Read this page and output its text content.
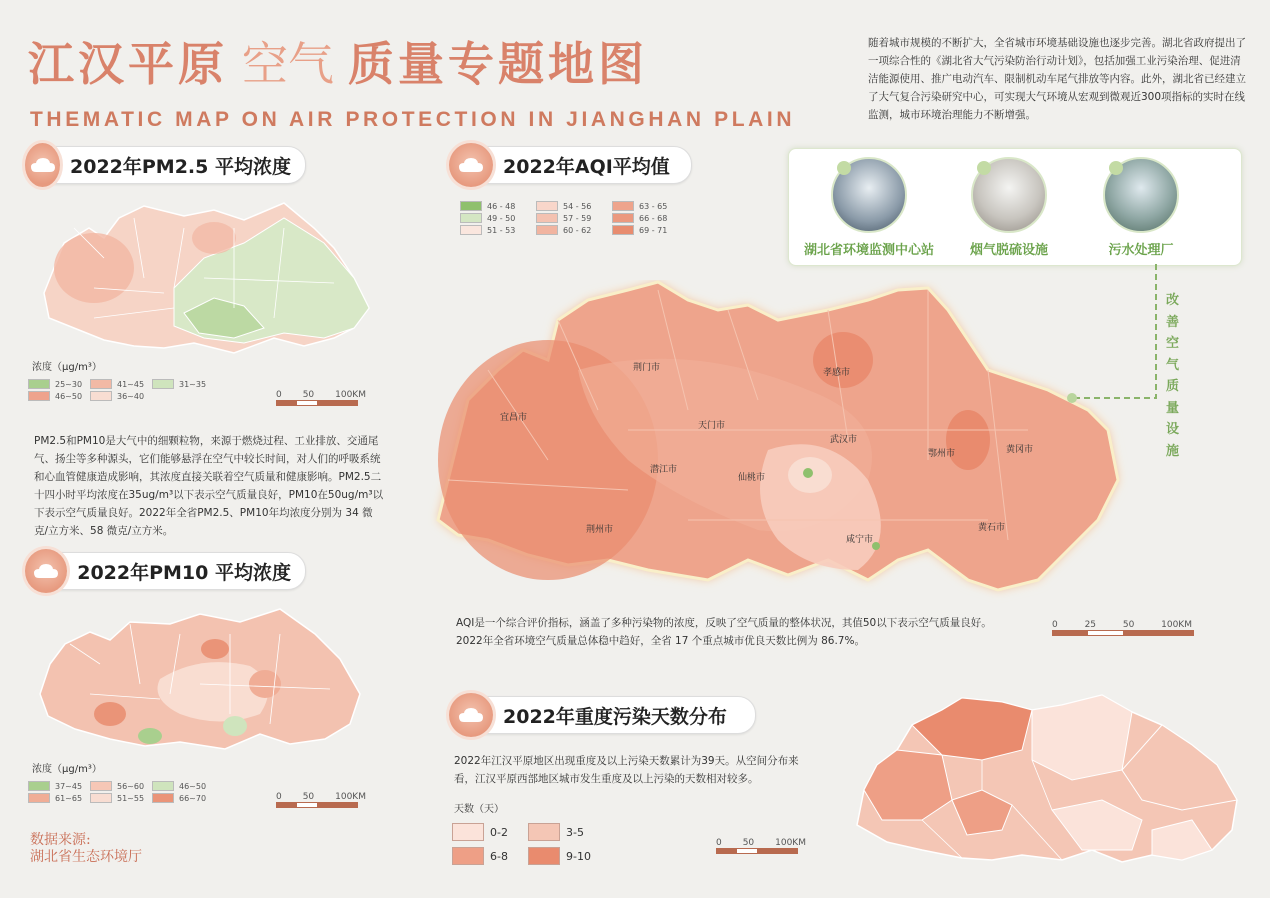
江汉平原 空气 质量专题地图
THEMATIC MAP ON AIR PROTECTION IN JIANGHAN PLAIN
随着城市规模的不断扩大，全省城市环境基础设施也逐步完善。湖北省政府提出了一项综合性的《湖北省大气污染防治行动计划》，包括加强工业污染治理、促进清洁能源使用、推广电动汽车、限制机动车尾气排放等内容。此外，湖北省已经建立了大气复合污染研究中心，可实现大气环境从宏观到微观近300项指标的实时在线监测，城市环境治理能力不断增强。
2022年PM2.5 平均浓度
浓度（μg/m³）
25~30	41~45	31~35
46~50	36~40	0 50 100KM
PM2.5和PM10是大气中的细颗粒物，来源于燃烧过程、工业排放、交通尾气、扬尘等多种源头，它们能够悬浮在空气中较长时间，对人们的呼吸系统和心血管健康造成影响，其浓度直接关联着空气质量和健康影响。PM2.5二十四小时平均浓度在35ug/m³以下表示空气质量良好，PM10在50ug/m³以下表示空气质量良好。2022年全省PM2.5、PM10年均浓度分别为 34 微克/立方米、58 微克/立方米。
2022年PM10 平均浓度
浓度（μg/m³）
37~45	56~60	46~50
61~65	51~55	66~70	0 50 100KM
数据来源:
湖北省生态环境厅
2022年AQI平均值
46 - 48	54 - 56	63 - 65
49 - 50	57 - 59	66 - 68
51 - 53	60 - 62	69 - 71
宜昌市
荆门市	孝感市
天门市
武汉市
鄂州市	黄冈市
潜江市
仙桃市
荆州市
咸宁市
黄石市
AQI是一个综合评价指标，涵盖了多种污染物的浓度，反映了空气质量的整体状况，其值50以下表示空气质量良好。2022年全省环境空气质量总体稳中趋好，全省 17 个重点城市优良天数比例为 86.7%。
0	25	50	100KM
湖北省环境监测中心站	烟气脱硫设施	污水处理厂
改善空气质量设施
2022年重度污染天数分布
2022年江汉平原地区出现重度及以上污染天数累计为39天。从空间分布来看，江汉平原西部地区城市发生重度及以上污染的天数相对较多。
天数（天）
0-2	3-5
6-8	9-10
0 50 100KM
